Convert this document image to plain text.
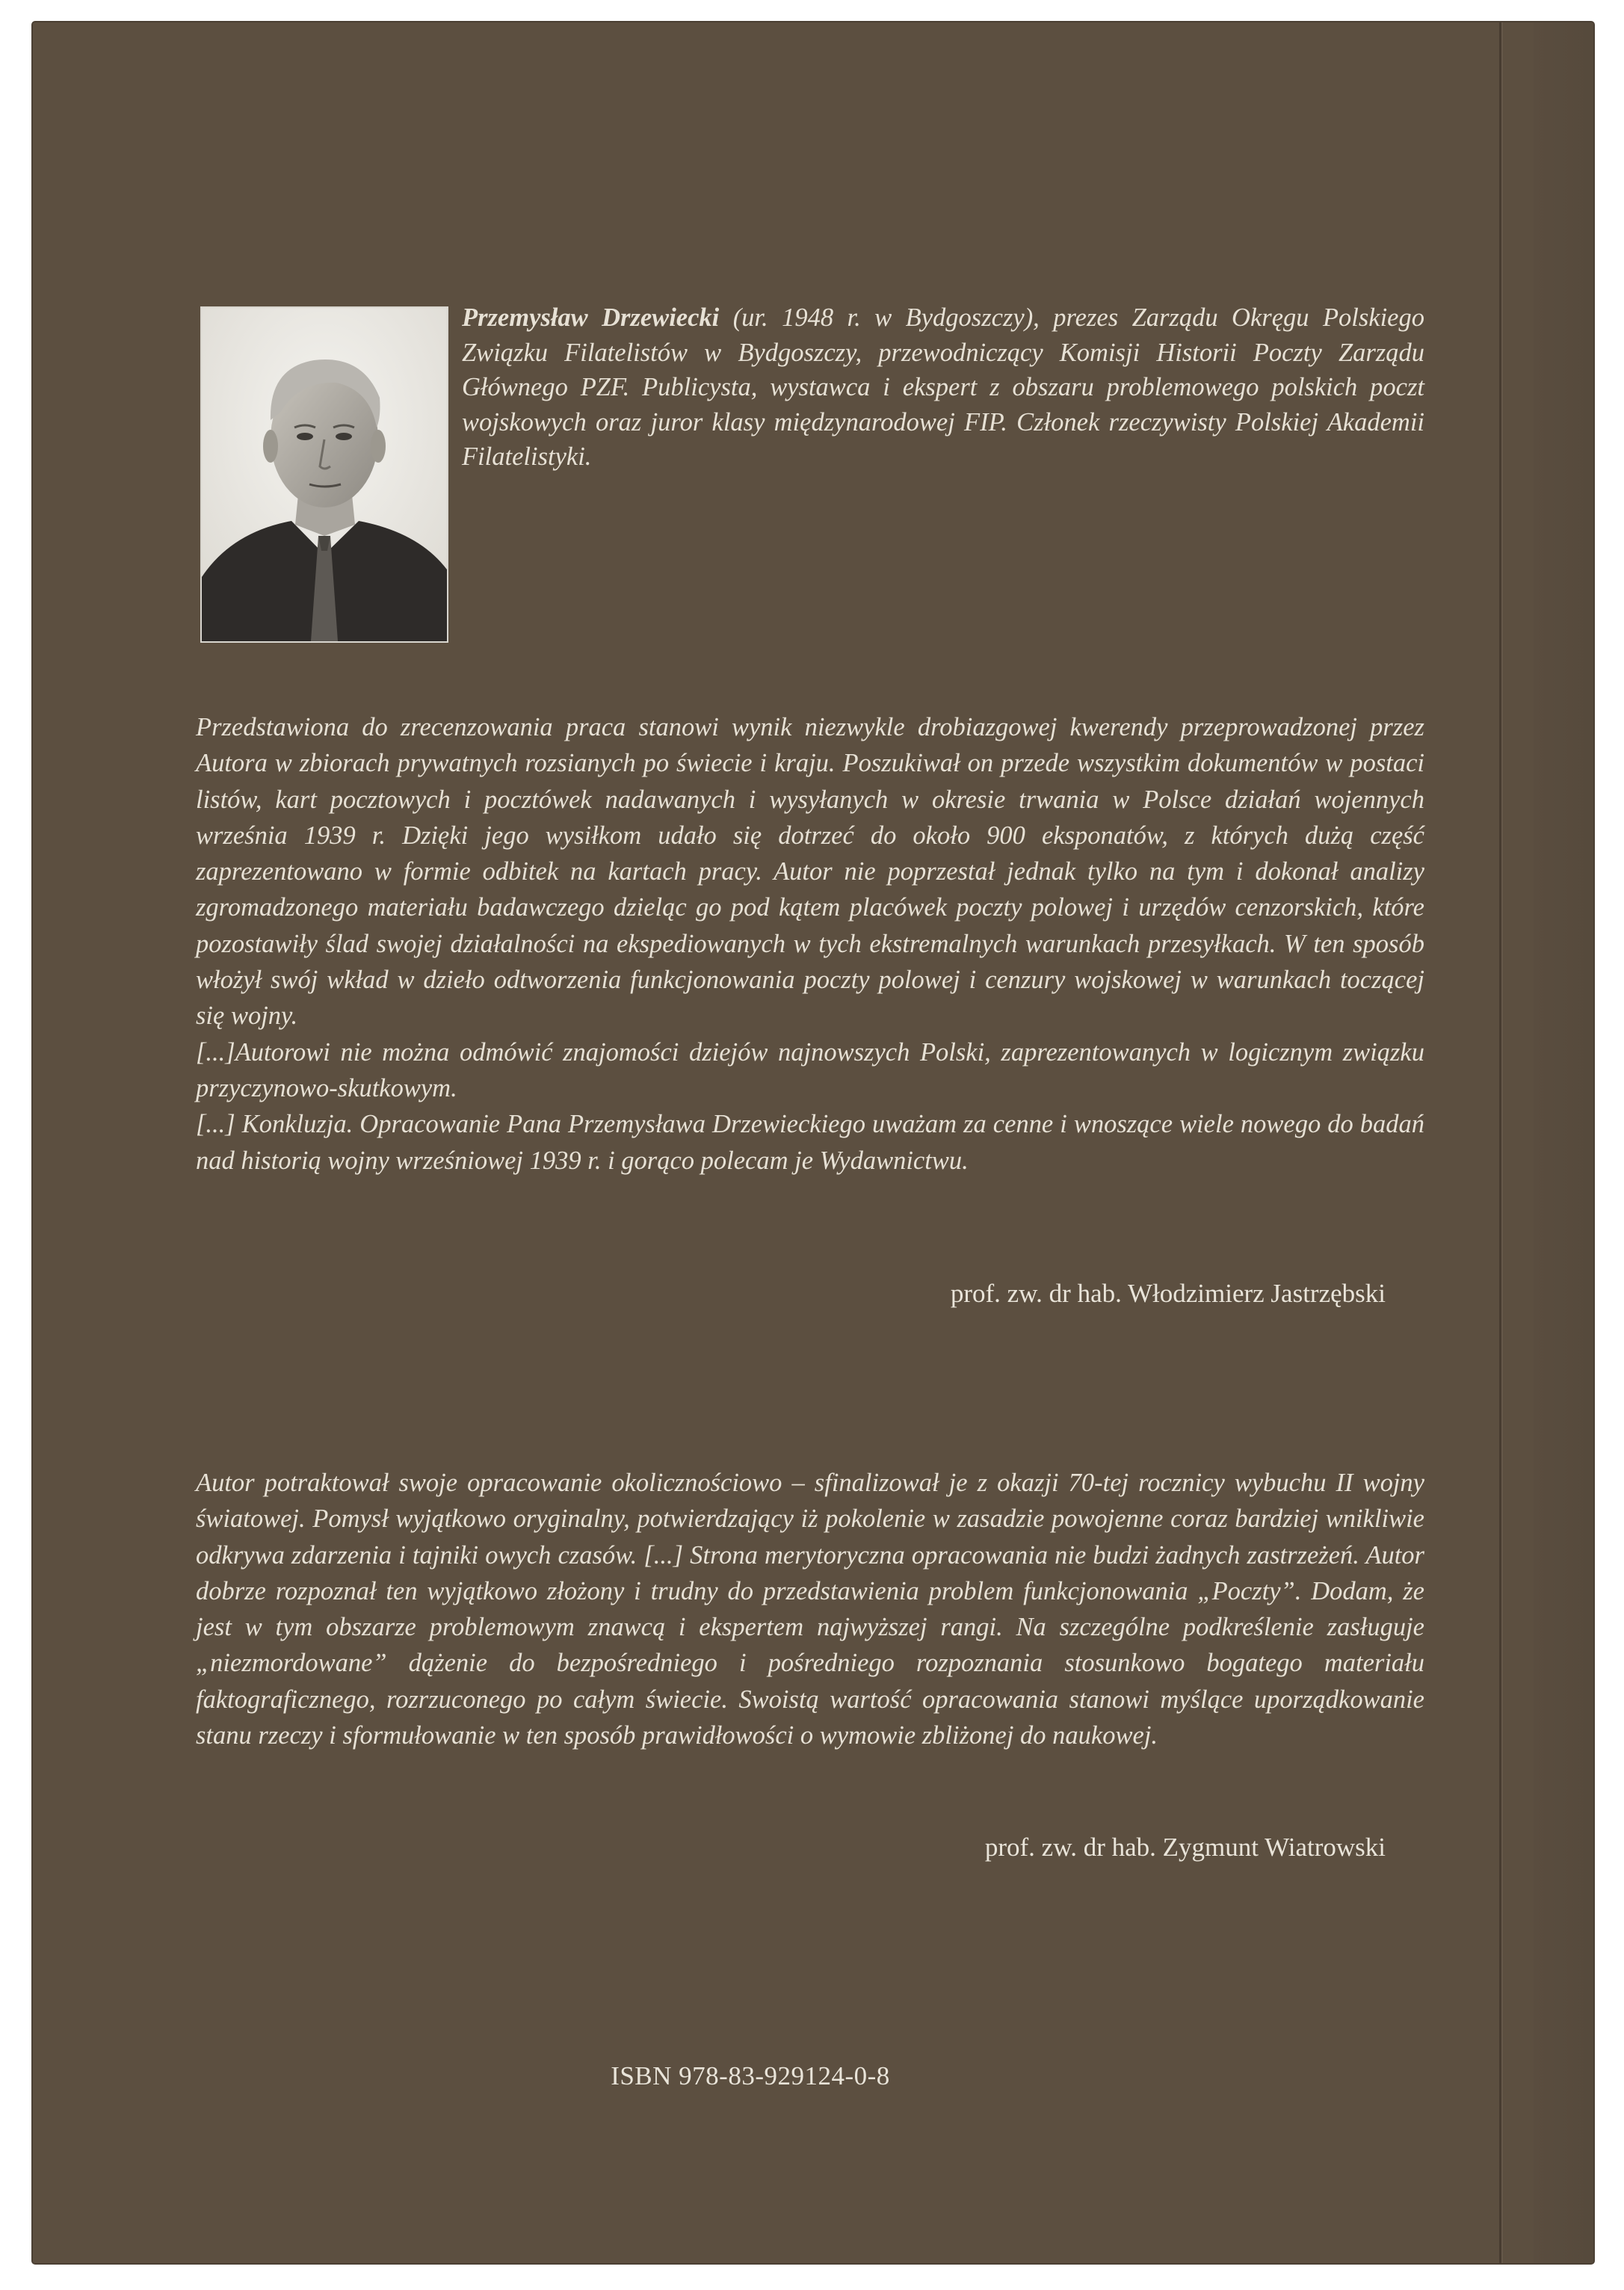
Przemysław Drzewiecki (ur. 1948 r. w Bydgoszczy), prezes Zarządu Okręgu Polskiego Związku Filatelistów w Bydgoszczy, przewodniczący Komisji Historii Poczty Zarządu Głównego PZF. Publicysta, wystawca i ekspert z obszaru problemowego polskich poczt wojskowych oraz juror klasy międzynarodowej FIP. Członek rzeczywisty Polskiej Akademii Filatelistyki.

Przedstawiona do zrecenzowania praca stanowi wynik niezwykle drobiazgowej kwerendy przeprowadzonej przez Autora w zbiorach prywatnych rozsianych po świecie i kraju. Poszukiwał on przede wszystkim dokumentów w postaci listów, kart pocztowych i pocztówek nadawanych i wysyłanych w okresie trwania w Polsce działań wojennych września 1939 r. Dzięki jego wysiłkom udało się dotrzeć do około 900 eksponatów, z których dużą część zaprezentowano w formie odbitek na kartach pracy. Autor nie poprzestał jednak tylko na tym i dokonał analizy zgromadzonego materiału badawczego dzieląc go pod kątem placówek poczty polowej i urzędów cenzorskich, które pozostawiły ślad swojej działalności na ekspediowanych w tych ekstremalnych warunkach przesyłkach. W ten sposób włożył swój wkład w dzieło odtworzenia funkcjonowania poczty polowej i cenzury wojskowej w warunkach toczącej się wojny.

[...]Autorowi nie można odmówić znajomości dziejów najnowszych Polski, zaprezentowanych w logicznym związku przyczynowo-skutkowym.

[...] Konkluzja. Opracowanie Pana Przemysława Drzewieckiego uważam za cenne i wnoszące wiele nowego do badań nad historią wojny wrześniowej 1939 r. i gorąco polecam je Wydawnictwu.

prof. zw. dr hab. Włodzimierz Jastrzębski

Autor potraktował swoje opracowanie okolicznościowo – sfinalizował je z okazji 70-tej rocznicy wybuchu II wojny światowej. Pomysł wyjątkowo oryginalny, potwierdzający iż pokolenie w zasadzie powojenne coraz bardziej wnikliwie odkrywa zdarzenia i tajniki owych czasów. [...] Strona merytoryczna opracowania nie budzi żadnych zastrzeżeń. Autor dobrze rozpoznał ten wyjątkowo złożony i trudny do przedstawienia problem funkcjonowania „Poczty”. Dodam, że jest w tym obszarze problemowym znawcą i ekspertem najwyższej rangi. Na szczególne podkreślenie zasługuje „niezmordowane” dążenie do bezpośredniego i pośredniego rozpoznania stosunkowo bogatego materiału faktograficznego, rozrzuconego po całym świecie. Swoistą wartość opracowania stanowi myślące uporządkowanie stanu rzeczy i sformułowanie w ten sposób prawidłowości o wymowie zbliżonej do naukowej.

prof. zw. dr hab. Zygmunt Wiatrowski
ISBN 978-83-929124-0-8
